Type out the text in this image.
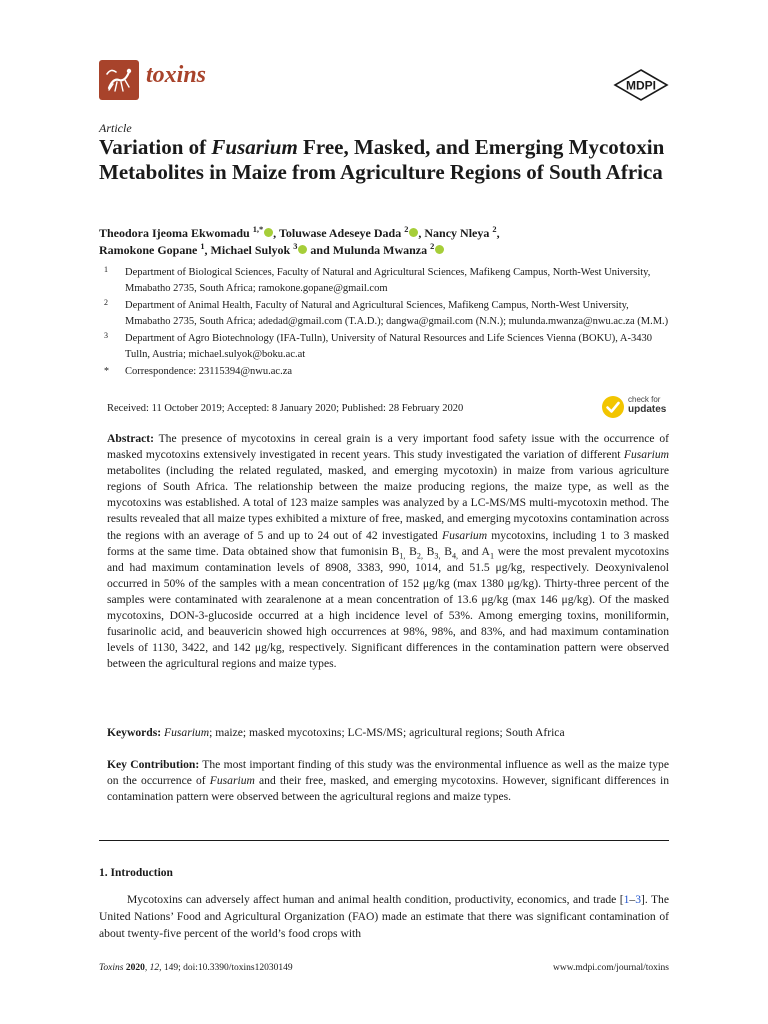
toxins	MDPI
Article
Variation of Fusarium Free, Masked, and Emerging Mycotoxin Metabolites in Maize from Agriculture Regions of South Africa

Theodora Ijeoma Ekwomadu $^{1,*}$ , Toluwase Adeseye Dada $^2$ , Nancy Nleya $^2$,
Ramokone Gopane $^1$, Michael Sulyok $^3$ and Mulunda Mwanza $^2$

1 Department of Biological Sciences, Faculty of Natural and Agricultural Sciences, Mafikeng Campus, North-West University, Mmabatho 2735, South Africa; ramokone.gopane@gmail.com
2 Department of Animal Health, Faculty of Natural and Agricultural Sciences, Mafikeng Campus, North-West University, Mmabatho 2735, South Africa; adedad@gmail.com (T.A.D.); dangwa@gmail.com (N.N.); mulunda.mwanza@nwu.ac.za (M.M.)
3 Department of Agro Biotechnology (IFA-Tulln), University of Natural Resources and Life Sciences Vienna (BOKU), A-3430 Tulln, Austria; michael.sulyok@boku.ac.at
* Correspondence: 23115394@nwu.ac.za
Received: 11 October 2019; Accepted: 8 January 2020; Published: 28 February 2020
check for
updates

Abstract: The presence of mycotoxins in cereal grain is a very important food safety issue with the occurrence of masked mycotoxins extensively investigated in recent years. This study investigated the variation of different Fusarium metabolites (including the related regulated, masked, and emerging mycotoxin) in maize from various agriculture regions of South Africa. The relationship between the maize producing regions, the maize type, as well as the mycotoxins was established. A total of 123 maize samples was analyzed by a LC-MS/MS multi-mycotoxin method. The results revealed that all maize types exhibited a mixture of free, masked, and emerging mycotoxins contamination across the regions with an average of 5 and up to 24 out of 42 investigated Fusarium mycotoxins, including 1 to 3 masked forms at the same time. Data obtained show that fumonisin $B_{1,}$ $B_{2,}$ $B_{3,}$ $B_{4,}$ and $A_1$ were the most prevalent mycotoxins and had maximum contamination levels of 8908, 3383, 990, 1014, and 51.5 μg/kg, respectively. Deoxynivalenol occurred in 50% of the samples with a mean concentration of 152 μg/kg (max 1380 μg/kg). Thirty-three percent of the samples were contaminated with zearalenone at a mean concentration of 13.6 μg/kg (max 146 μg/kg). Of the masked mycotoxins, DON-3-glucoside occurred at a high incidence level of 53%. Among emerging toxins, moniliformin, fusarinolic acid, and beauvericin showed high occurrences at 98%, 98%, and 83%, and had maximum contamination levels of 1130, 3422, and 142 μg/kg, respectively. Significant differences in the contamination pattern were observed between the agricultural regions and maize types.

Keywords: Fusarium; maize; masked mycotoxins; LC-MS/MS; agricultural regions; South Africa

Key Contribution: The most important finding of this study was the environmental influence as well as the maize type on the occurrence of Fusarium and their free, masked, and emerging mycotoxins. However, significant differences in contamination pattern were observed between the agricultural regions and maize types.

1. Introduction

Mycotoxins can adversely affect human and animal health condition, productivity, economics, and trade [1–3]. The United Nations’ Food and Agricultural Organization (FAO) made an estimate that there was significant contamination of about twenty-five percent of the world’s food crops with

Toxins 2020, 12, 149; doi:10.3390/toxins12030149	www.mdpi.com/journal/toxins
